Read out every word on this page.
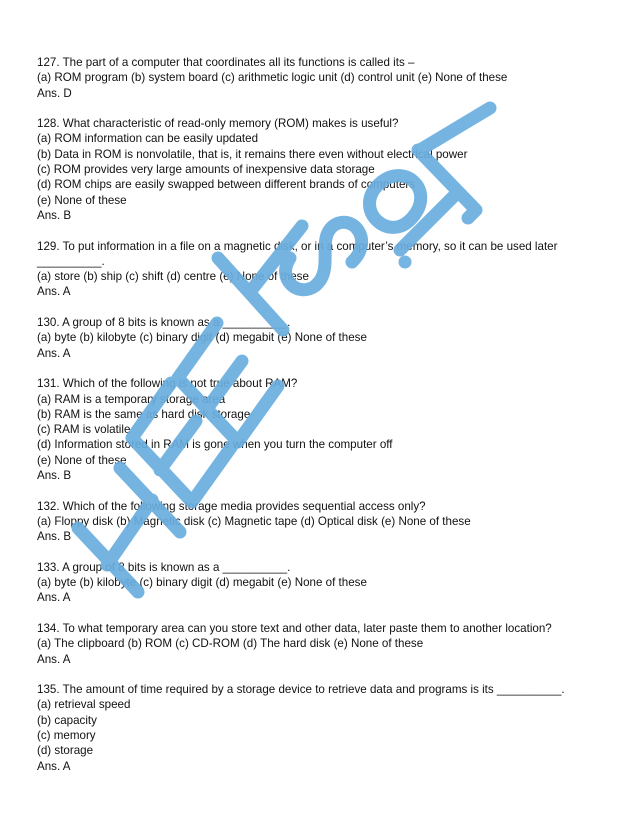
127. The part of a computer that coordinates all its functions is called its –
(a) ROM program (b) system board (c) arithmetic logic unit (d) control unit (e) None of these
Ans. D
128. What characteristic of read-only memory (ROM) makes is useful?
(a) ROM information can be easily updated
(b) Data in ROM is nonvolatile, that is, it remains there even without electrical power
(c) ROM provides very large amounts of inexpensive data storage
(d) ROM chips are easily swapped between different brands of computers
(e) None of these
Ans. B
129. To put information in a file on a magnetic disk, or in a computer’s memory, so it can be used later
__________.
(a) store (b) ship (c) shift (d) centre (e) None of these
Ans. A
130. A group of 8 bits is known as a __________.
(a) byte (b) kilobyte (c) binary digit (d) megabit (e) None of these
Ans. A
131. Which of the following is not true about RAM?
(a) RAM is a temporary storage area
(b) RAM is the same as hard disk storage
(c) RAM is volatile
(d) Information stored in RAM is gone when you turn the computer off
(e) None of these
Ans. B
132. Which of the following storage media provides sequential access only?
(a) Floppy disk (b) Magnetic disk (c) Magnetic tape (d) Optical disk (e) None of these
Ans. B
133. A group of 8 bits is known as a __________.
(a) byte (b) kilobyte (c) binary digit (d) megabit (e) None of these
Ans. A
134. To what temporary area can you store text and other data, later paste them to another location?
(a) The clipboard (b) ROM (c) CD-ROM (d) The hard disk (e) None of these
Ans. A
135. The amount of time required by a storage device to retrieve data and programs is its __________.
(a) retrieval speed
(b) capacity
(c) memory
(d) storage
Ans. A
